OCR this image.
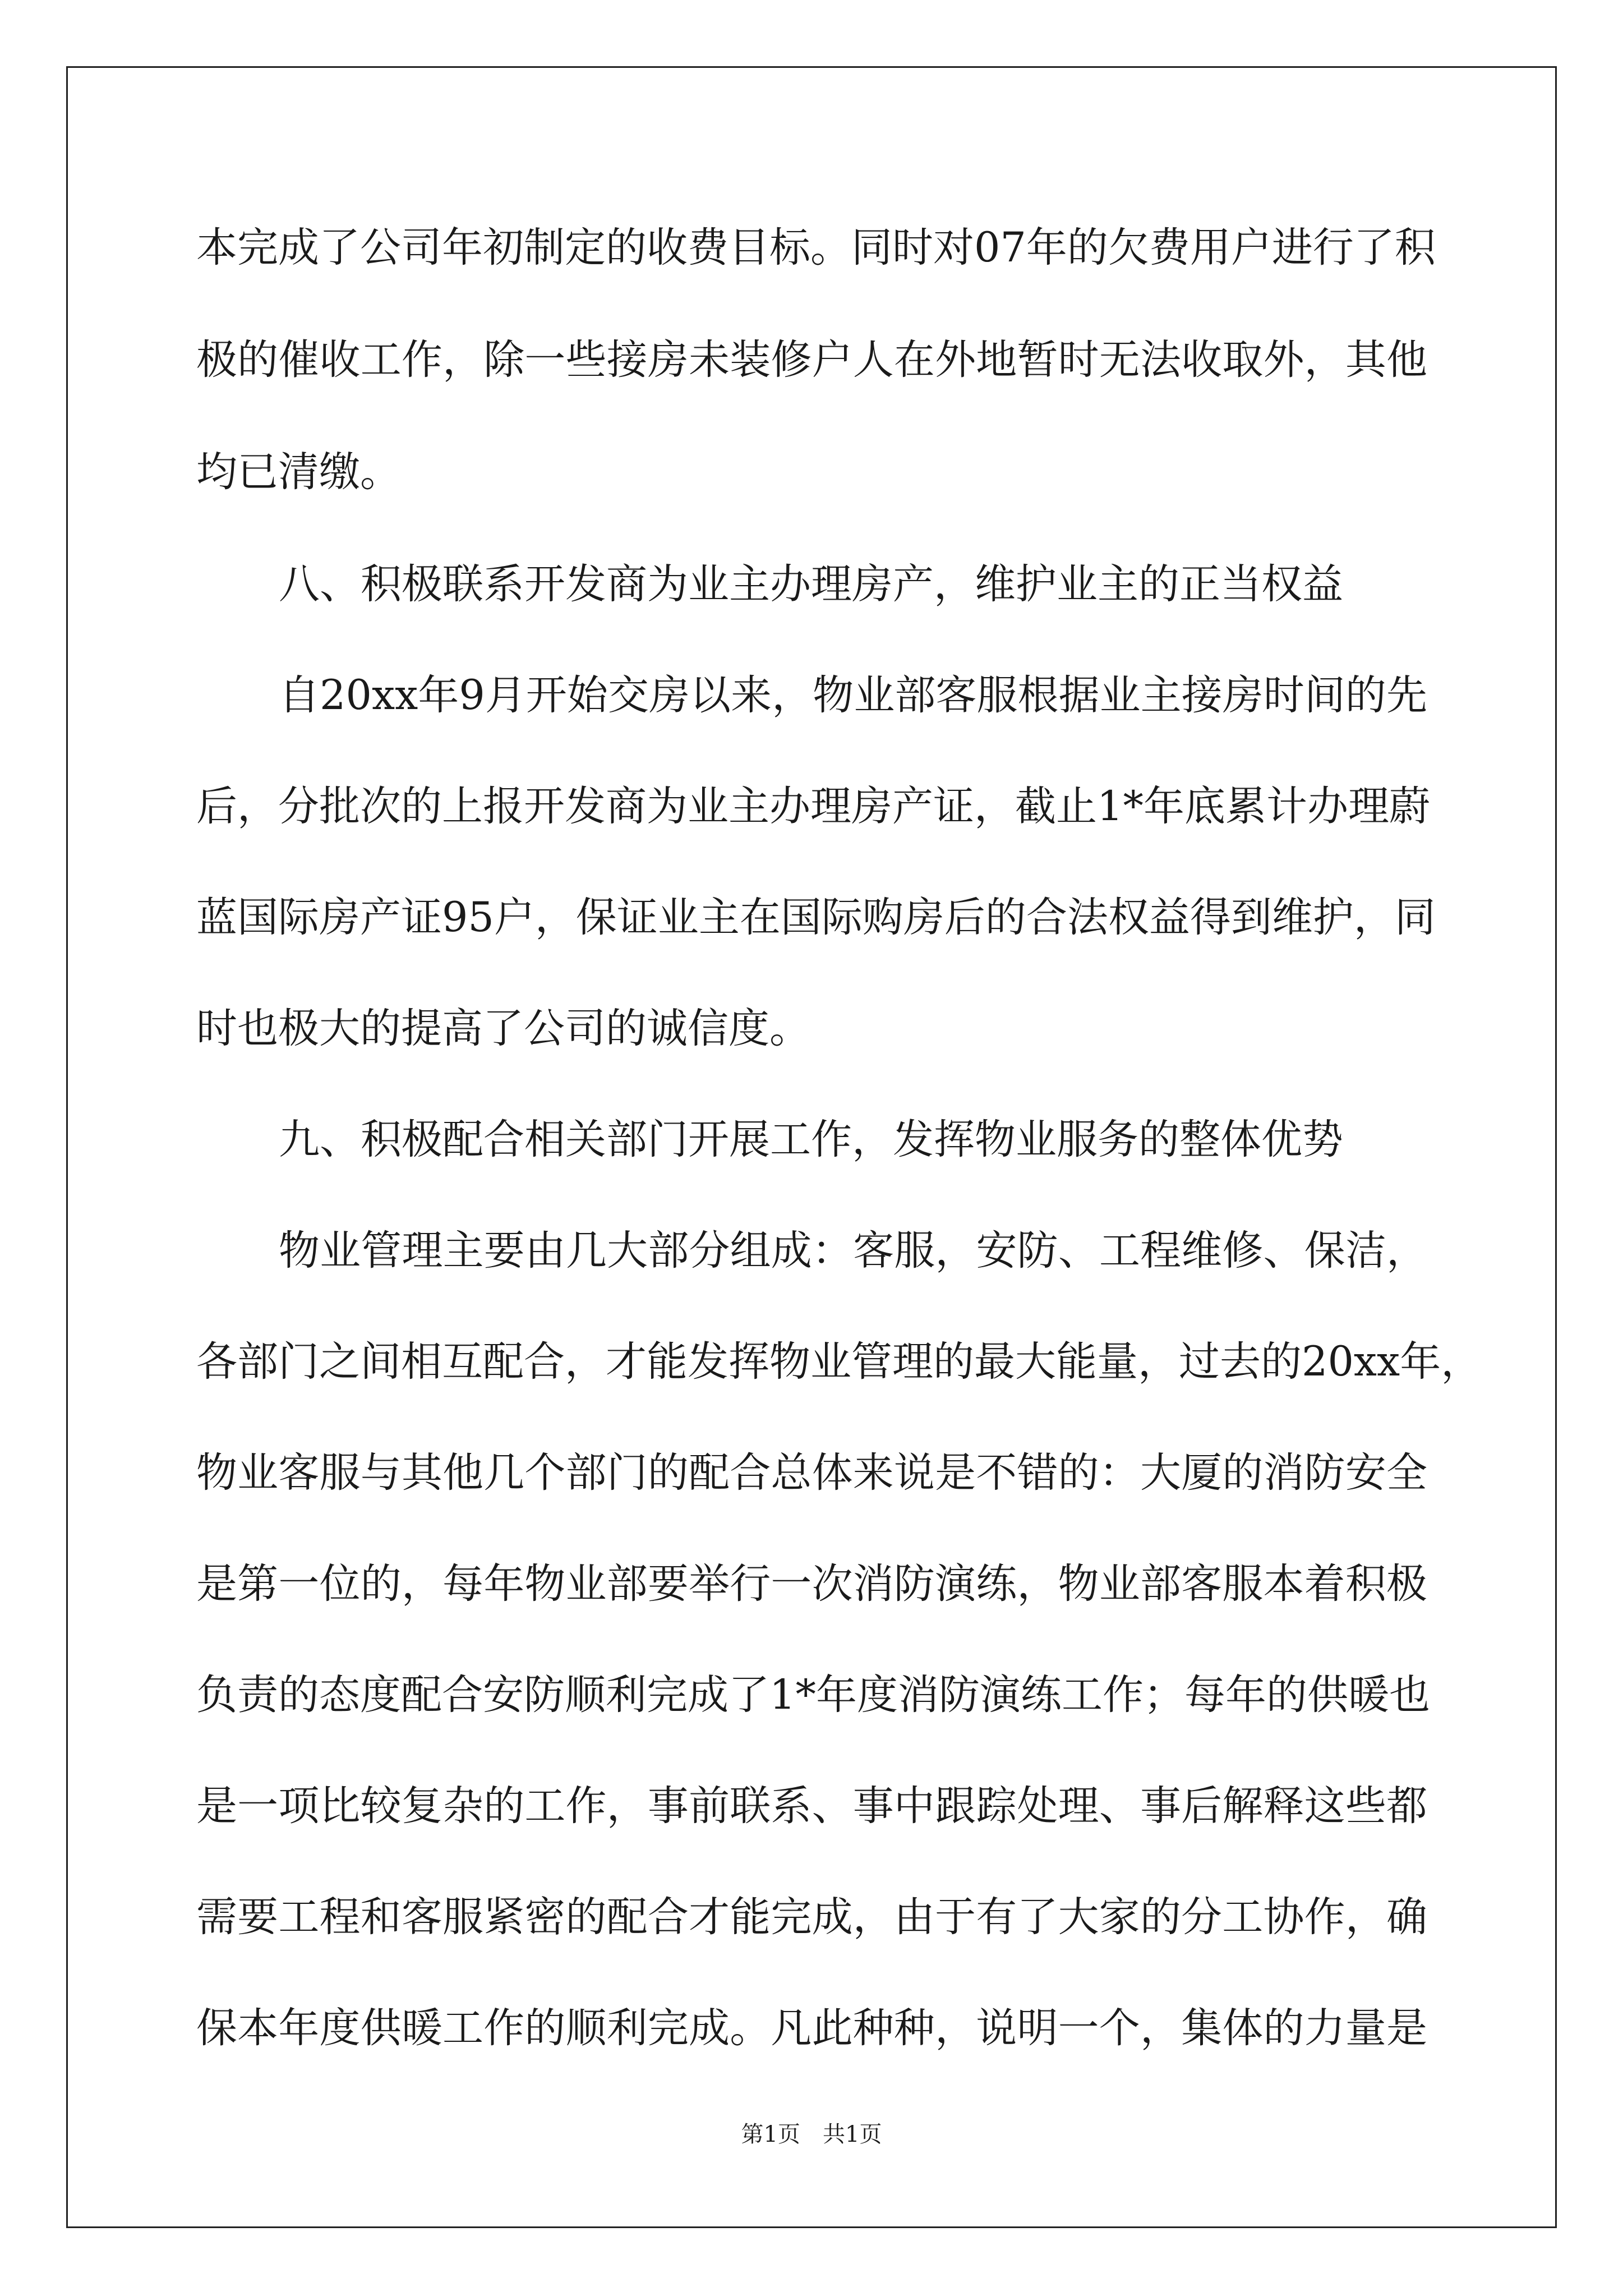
本完成了公司年初制定的收费目标。同时对07年的欠费用户进行了积
极的催收工作，除一些接房未装修户人在外地暂时无法收取外，其他
均已清缴。
八、积极联系开发商为业主办理房产，维护业主的正当权益
自20xx年9月开始交房以来，物业部客服根据业主接房时间的先
后，分批次的上报开发商为业主办理房产证，截止1*年底累计办理蔚
蓝国际房产证95户，保证业主在国际购房后的合法权益得到维护，同
时也极大的提高了公司的诚信度。
九、积极配合相关部门开展工作，发挥物业服务的整体优势
物业管理主要由几大部分组成：客服，安防、工程维修、保洁，
各部门之间相互配合，才能发挥物业管理的最大能量，过去的20xx年，
物业客服与其他几个部门的配合总体来说是不错的：大厦的消防安全
是第一位的，每年物业部要举行一次消防演练，物业部客服本着积极
负责的态度配合安防顺利完成了1*年度消防演练工作；每年的供暖也
是一项比较复杂的工作，事前联系、事中跟踪处理、事后解释这些都
需要工程和客服紧密的配合才能完成，由于有了大家的分工协作，确
保本年度供暖工作的顺利完成。凡此种种，说明一个，集体的力量是
第1页　共1页
